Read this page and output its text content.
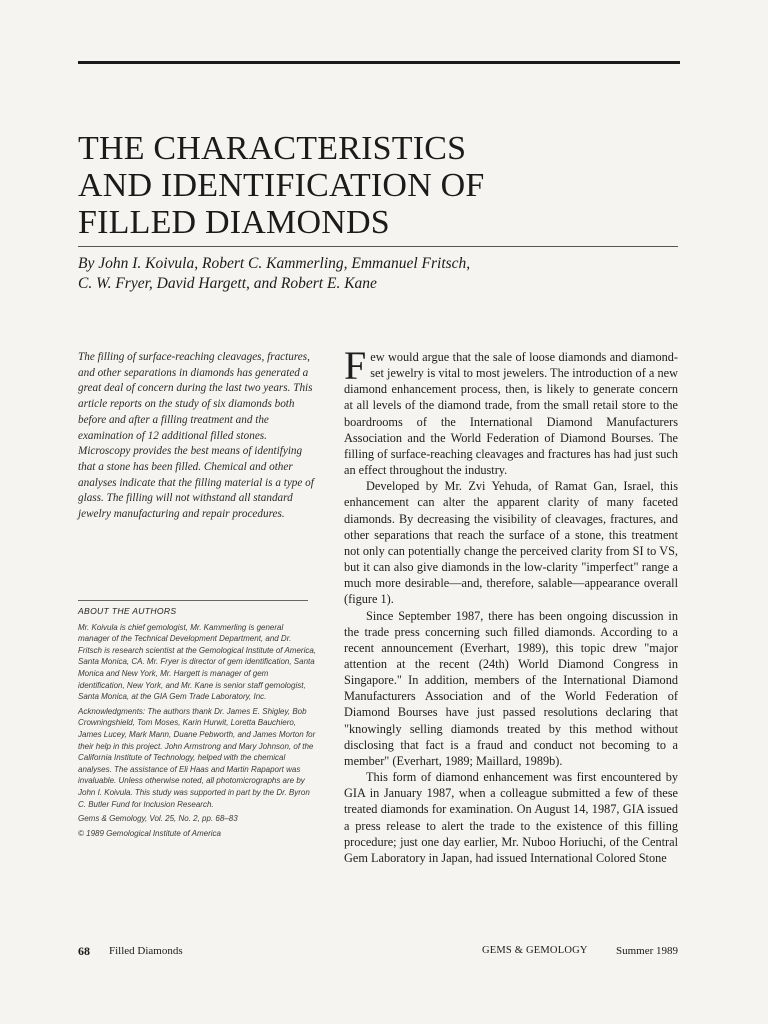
THE CHARACTERISTICS
AND IDENTIFICATION OF
FILLED DIAMONDS
By John I. Koivula, Robert C. Kammerling, Emmanuel Fritsch,
C. W. Fryer, David Hargett, and Robert E. Kane

The filling of surface-reaching cleavages, fractures, and other separations in diamonds has generated a great deal of concern during the last two years. This article reports on the study of six diamonds both before and after a filling treatment and the examination of 12 additional filled stones. Microscopy provides the best means of identifying that a stone has been filled. Chemical and other analyses indicate that the filling material is a type of glass. The filling will not withstand all standard jewelry manufacturing and repair procedures.

ABOUT THE AUTHORS

Mr. Koivula is chief gemologist, Mr. Kammerling is general manager of the Technical Development Department, and Dr. Fritsch is research scientist at the Gemological Institute of America, Santa Monica, CA. Mr. Fryer is director of gem identification, Santa Monica and New York, Mr. Hargett is manager of gem identification, New York, and Mr. Kane is senior staff gemologist, Santa Monica, at the GIA Gem Trade Laboratory, Inc.

Acknowledgments: The authors thank Dr. James E. Shigley, Bob Crowningshield, Tom Moses, Karin Hurwit, Loretta Bauchiero, James Lucey, Mark Mann, Duane Pebworth, and James Morton for their help in this project. John Armstrong and Mary Johnson, of the California Institute of Technology, helped with the chemical analyses. The assistance of Eli Haas and Martin Rapaport was invaluable. Unless otherwise noted, all photomicrographs are by John I. Koivula. This study was supported in part by the Dr. Byron C. Butler Fund for Inclusion Research.

Gems & Gemology, Vol. 25, No. 2, pp. 68–83

© 1989 Gemological Institute of America

Few would argue that the sale of loose diamonds and diamond-set jewelry is vital to most jewelers. The introduction of a new diamond enhancement process, then, is likely to generate concern at all levels of the diamond trade, from the small retail store to the boardrooms of the International Diamond Manufacturers Association and the World Federation of Diamond Bourses. The filling of surface-reaching cleavages and fractures has had just such an effect throughout the industry.

Developed by Mr. Zvi Yehuda, of Ramat Gan, Israel, this enhancement can alter the apparent clarity of many faceted diamonds. By decreasing the visibility of cleavages, fractures, and other separations that reach the surface of a stone, this treatment not only can potentially change the perceived clarity from SI to VS, but it can also give diamonds in the low-clarity "imperfect" range a much more desirable—and, therefore, salable—appearance overall (figure 1).

Since September 1987, there has been ongoing discussion in the trade press concerning such filled diamonds. According to a recent announcement (Everhart, 1989), this topic drew "major attention at the recent (24th) World Diamond Congress in Singapore." In addition, members of the International Diamond Manufacturers Association and of the World Federation of Diamond Bourses have just passed resolutions declaring that "knowingly selling diamonds treated by this method without disclosing that fact is a fraud and conduct not becoming to a member" (Everhart, 1989; Maillard, 1989b).

This form of diamond enhancement was first encountered by GIA in January 1987, when a colleague submitted a few of these treated diamonds for examination. On August 14, 1987, GIA issued a press release to alert the trade to the existence of this filling procedure; just one day earlier, Mr. Nuboo Horiuchi, of the Central Gem Laboratory in Japan, had issued International Colored Stone

68 Filled Diamonds	GEMS & GEMOLOGY	Summer 1989
